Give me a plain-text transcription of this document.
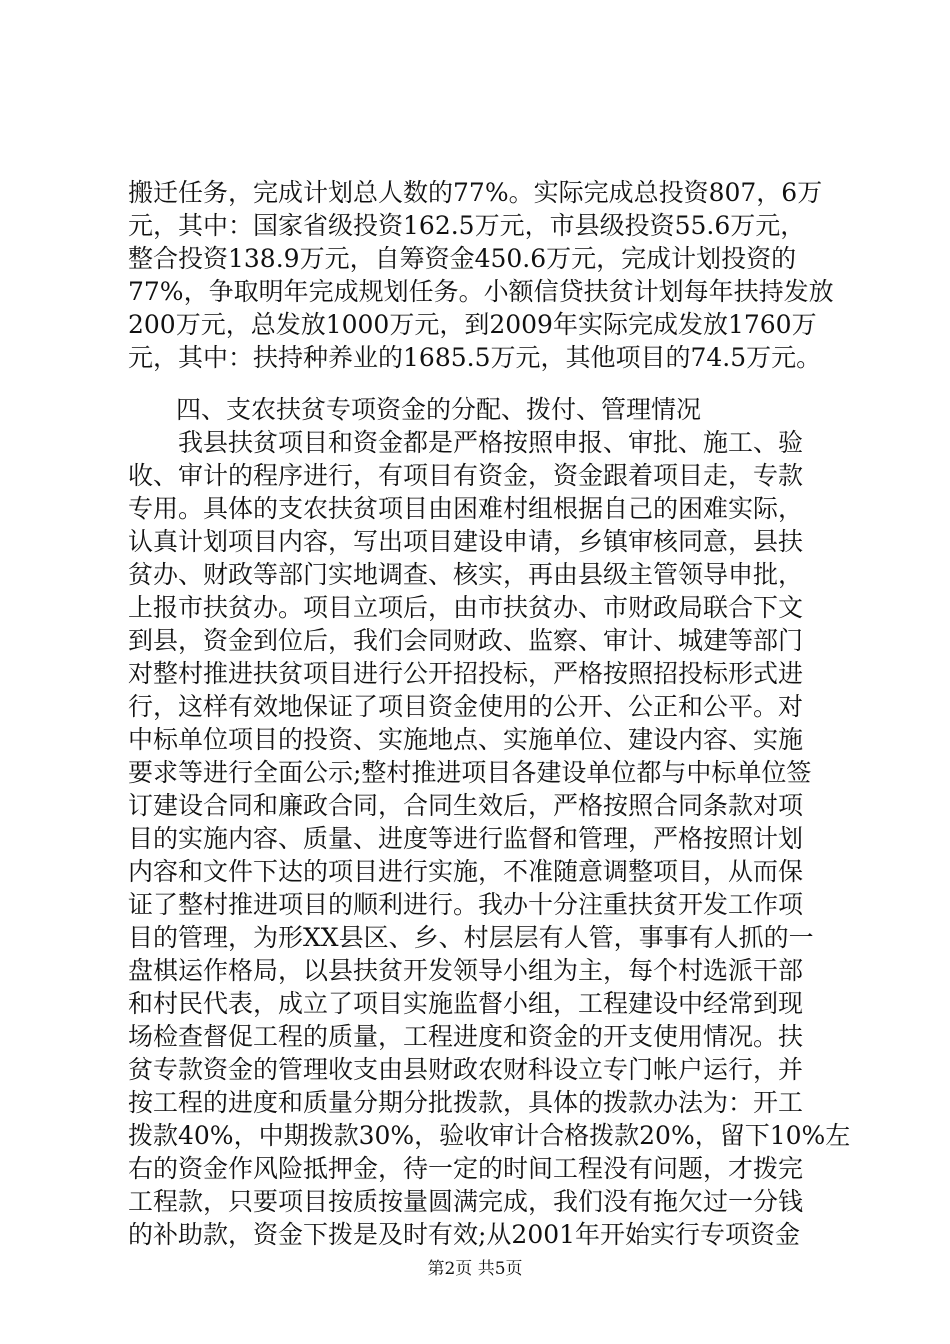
搬迁任务，完成计划总人数的77%。实际完成总投资807，6万
元，其中：国家省级投资162.5万元，市县级投资55.6万元，
整合投资138.9万元，自筹资金450.6万元，完成计划投资的
77%，争取明年完成规划任务。小额信贷扶贫计划每年扶持发放
200万元，总发放1000万元，到2009年实际完成发放1760万
元，其中：扶持种养业的1685.5万元，其他项目的74.5万元。
四、支农扶贫专项资金的分配、拨付、管理情况
　　我县扶贫项目和资金都是严格按照申报、审批、施工、验
收、审计的程序进行，有项目有资金，资金跟着项目走，专款
专用。具体的支农扶贫项目由困难村组根据自己的困难实际，
认真计划项目内容，写出项目建设申请，乡镇审核同意，县扶
贫办、财政等部门实地调查、核实，再由县级主管领导申批，
上报市扶贫办。项目立项后，由市扶贫办、市财政局联合下文
到县，资金到位后，我们会同财政、监察、审计、城建等部门
对整村推进扶贫项目进行公开招投标，严格按照招投标形式进
行，这样有效地保证了项目资金使用的公开、公正和公平。对
中标单位项目的投资、实施地点、实施单位、建设内容、实施
要求等进行全面公示;整村推进项目各建设单位都与中标单位签
订建设合同和廉政合同，合同生效后，严格按照合同条款对项
目的实施内容、质量、进度等进行监督和管理，严格按照计划
内容和文件下达的项目进行实施，不准随意调整项目，从而保
证了整村推进项目的顺利进行。我办十分注重扶贫开发工作项
目的管理，为形XX县区、乡、村层层有人管，事事有人抓的一
盘棋运作格局，以县扶贫开发领导小组为主，每个村选派干部
和村民代表，成立了项目实施监督小组，工程建设中经常到现
场检查督促工程的质量，工程进度和资金的开支使用情况。扶
贫专款资金的管理收支由县财政农财科设立专门帐户运行，并
按工程的进度和质量分期分批拨款，具体的拨款办法为：开工
拨款40%，中期拨款30%，验收审计合格拨款20%，留下10%左
右的资金作风险抵押金，待一定的时间工程没有问题，才拨完
工程款，只要项目按质按量圆满完成，我们没有拖欠过一分钱
的补助款，资金下拨是及时有效;从2001年开始实行专项资金
第2页 共5页
